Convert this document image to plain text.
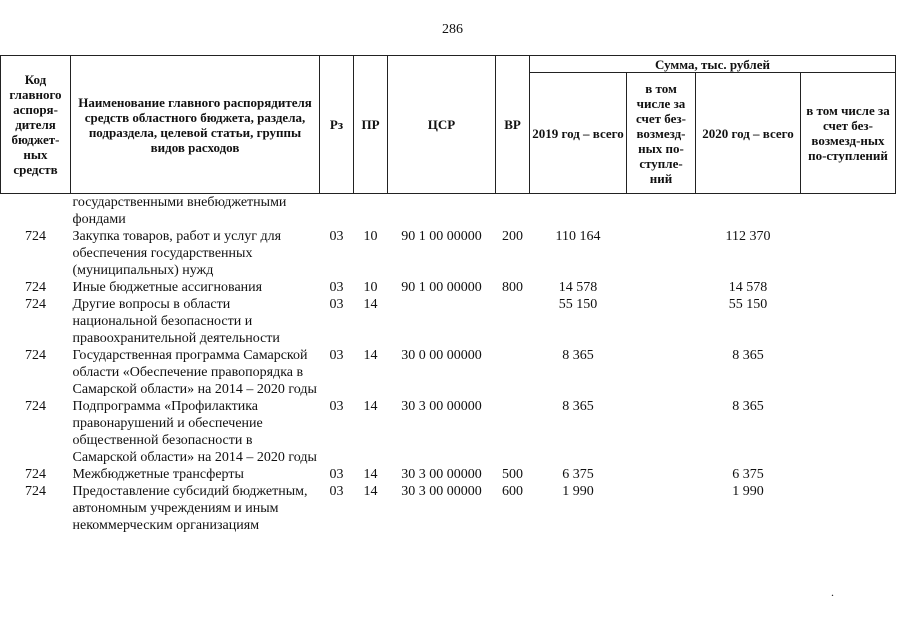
286
Код главного аспоря-дителя бюджет-ных средств	Наименование главного распорядителя средств областного бюджета, раздела, подраздела, целевой статьи, группы видов расходов	Рз	ПР	ЦСР	ВР	Сумма, тыс. рублей			
						2019 год – всего	в том числе за счет без-возмезд-ных по-ступле-ний	2020 год – всего	в том числе за счет без-возмезд-ных по-ступлений
	государственными внебюджетными фондами								
724	Закупка товаров, работ и услуг для обеспечения государственных (муниципальных) нужд	03	10	90 1 00 00000	200	110 164		112 370	
724	Иные бюджетные ассигнования	03	10	90 1 00 00000	800	14 578		14 578	
724	Другие вопросы в области национальной безопасности и правоохранительной деятельности	03	14			55 150		55 150	
724	Государственная программа Самарской области «Обеспечение правопорядка в Самарской области» на 2014 – 2020 годы	03	14	30 0 00 00000		8 365		8 365	
724	Подпрограмма «Профилактика правонарушений и обеспечение общественной безопасности в Самарской области» на 2014 – 2020 годы	03	14	30 3 00 00000		8 365		8 365	
724	Межбюджетные трансферты	03	14	30 3 00 00000	500	6 375		6 375	
724	Предоставление субсидий бюджетным, автономным учреждениям и иным некоммерческим организациям	03	14	30 3 00 00000	600	1 990		1 990	
.
